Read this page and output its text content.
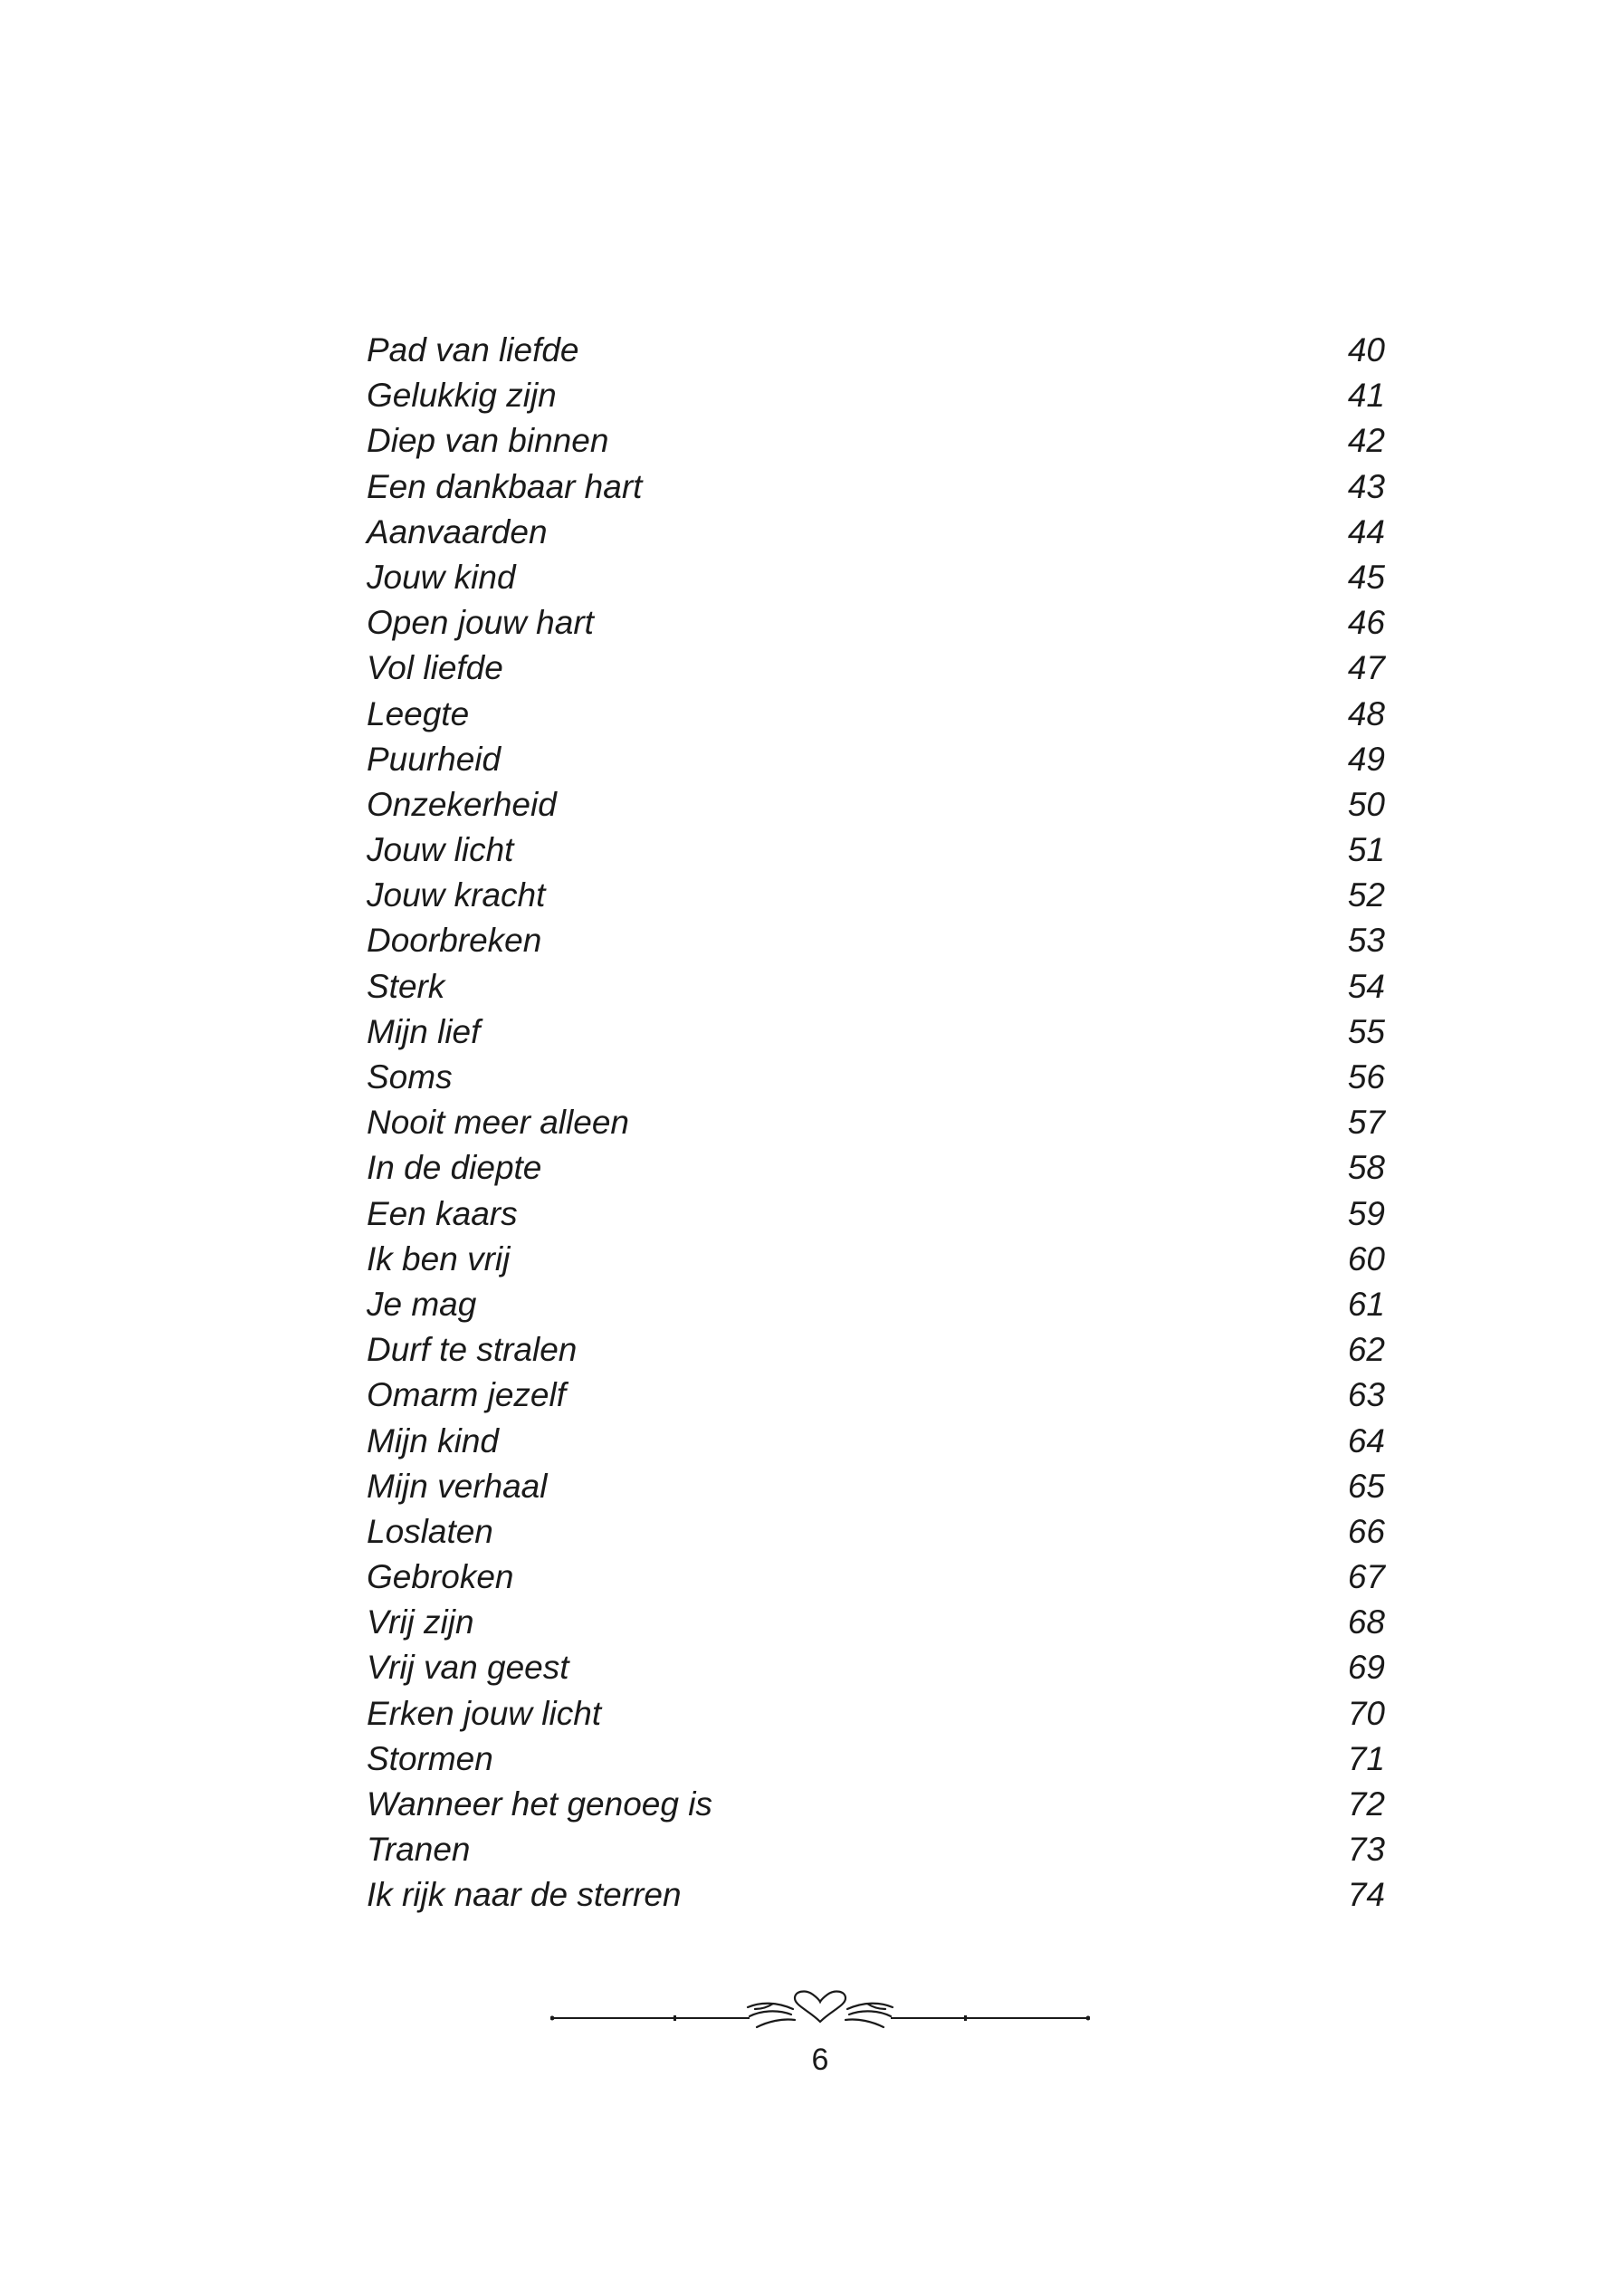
Pad van liefde	40
Gelukkig zijn	41
Diep van binnen	42
Een dankbaar hart	43
Aanvaarden	44
Jouw kind	45
Open jouw hart	46
Vol liefde	47
Leegte	48
Puurheid	49
Onzekerheid	50
Jouw licht	51
Jouw kracht	52
Doorbreken	53
Sterk	54
Mijn lief	55
Soms	56
Nooit meer alleen	57
In de diepte	58
Een kaars	59
Ik ben vrij	60
Je mag	61
Durf te stralen	62
Omarm jezelf	63
Mijn kind	64
Mijn verhaal	65
Loslaten	66
Gebroken	67
Vrij zijn	68
Vrij van geest	69
Erken jouw licht	70
Stormen	71
Wanneer het genoeg is	72
Tranen	73
Ik rijk naar de sterren	74
6
